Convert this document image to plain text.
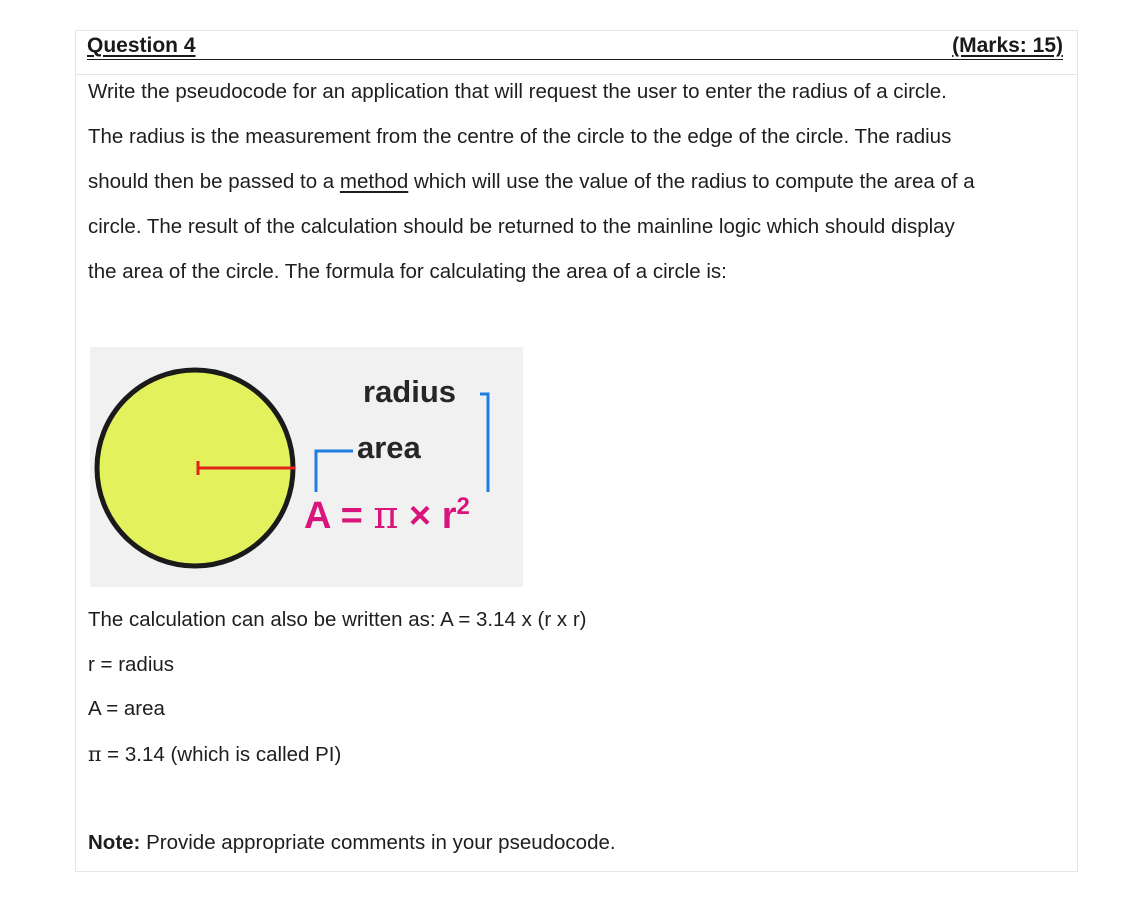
Question 4	(Marks: 15)
Write the pseudocode for an application that will request the user to enter the radius of a circle.
The radius is the measurement from the centre of the circle to the edge of the circle. The radius
should then be passed to a method which will use the value of the radius to compute the area of a
circle. The result of the calculation should be returned to the mainline logic which should display
the area of the circle. The formula for calculating the area of a circle is:
radius
area
$A = \pi \times r^2$
The calculation can also be written as: A = 3.14 x (r x r)
r = radius
A = area
π = 3.14 (which is called PI)
Note: Provide appropriate comments in your pseudocode.
